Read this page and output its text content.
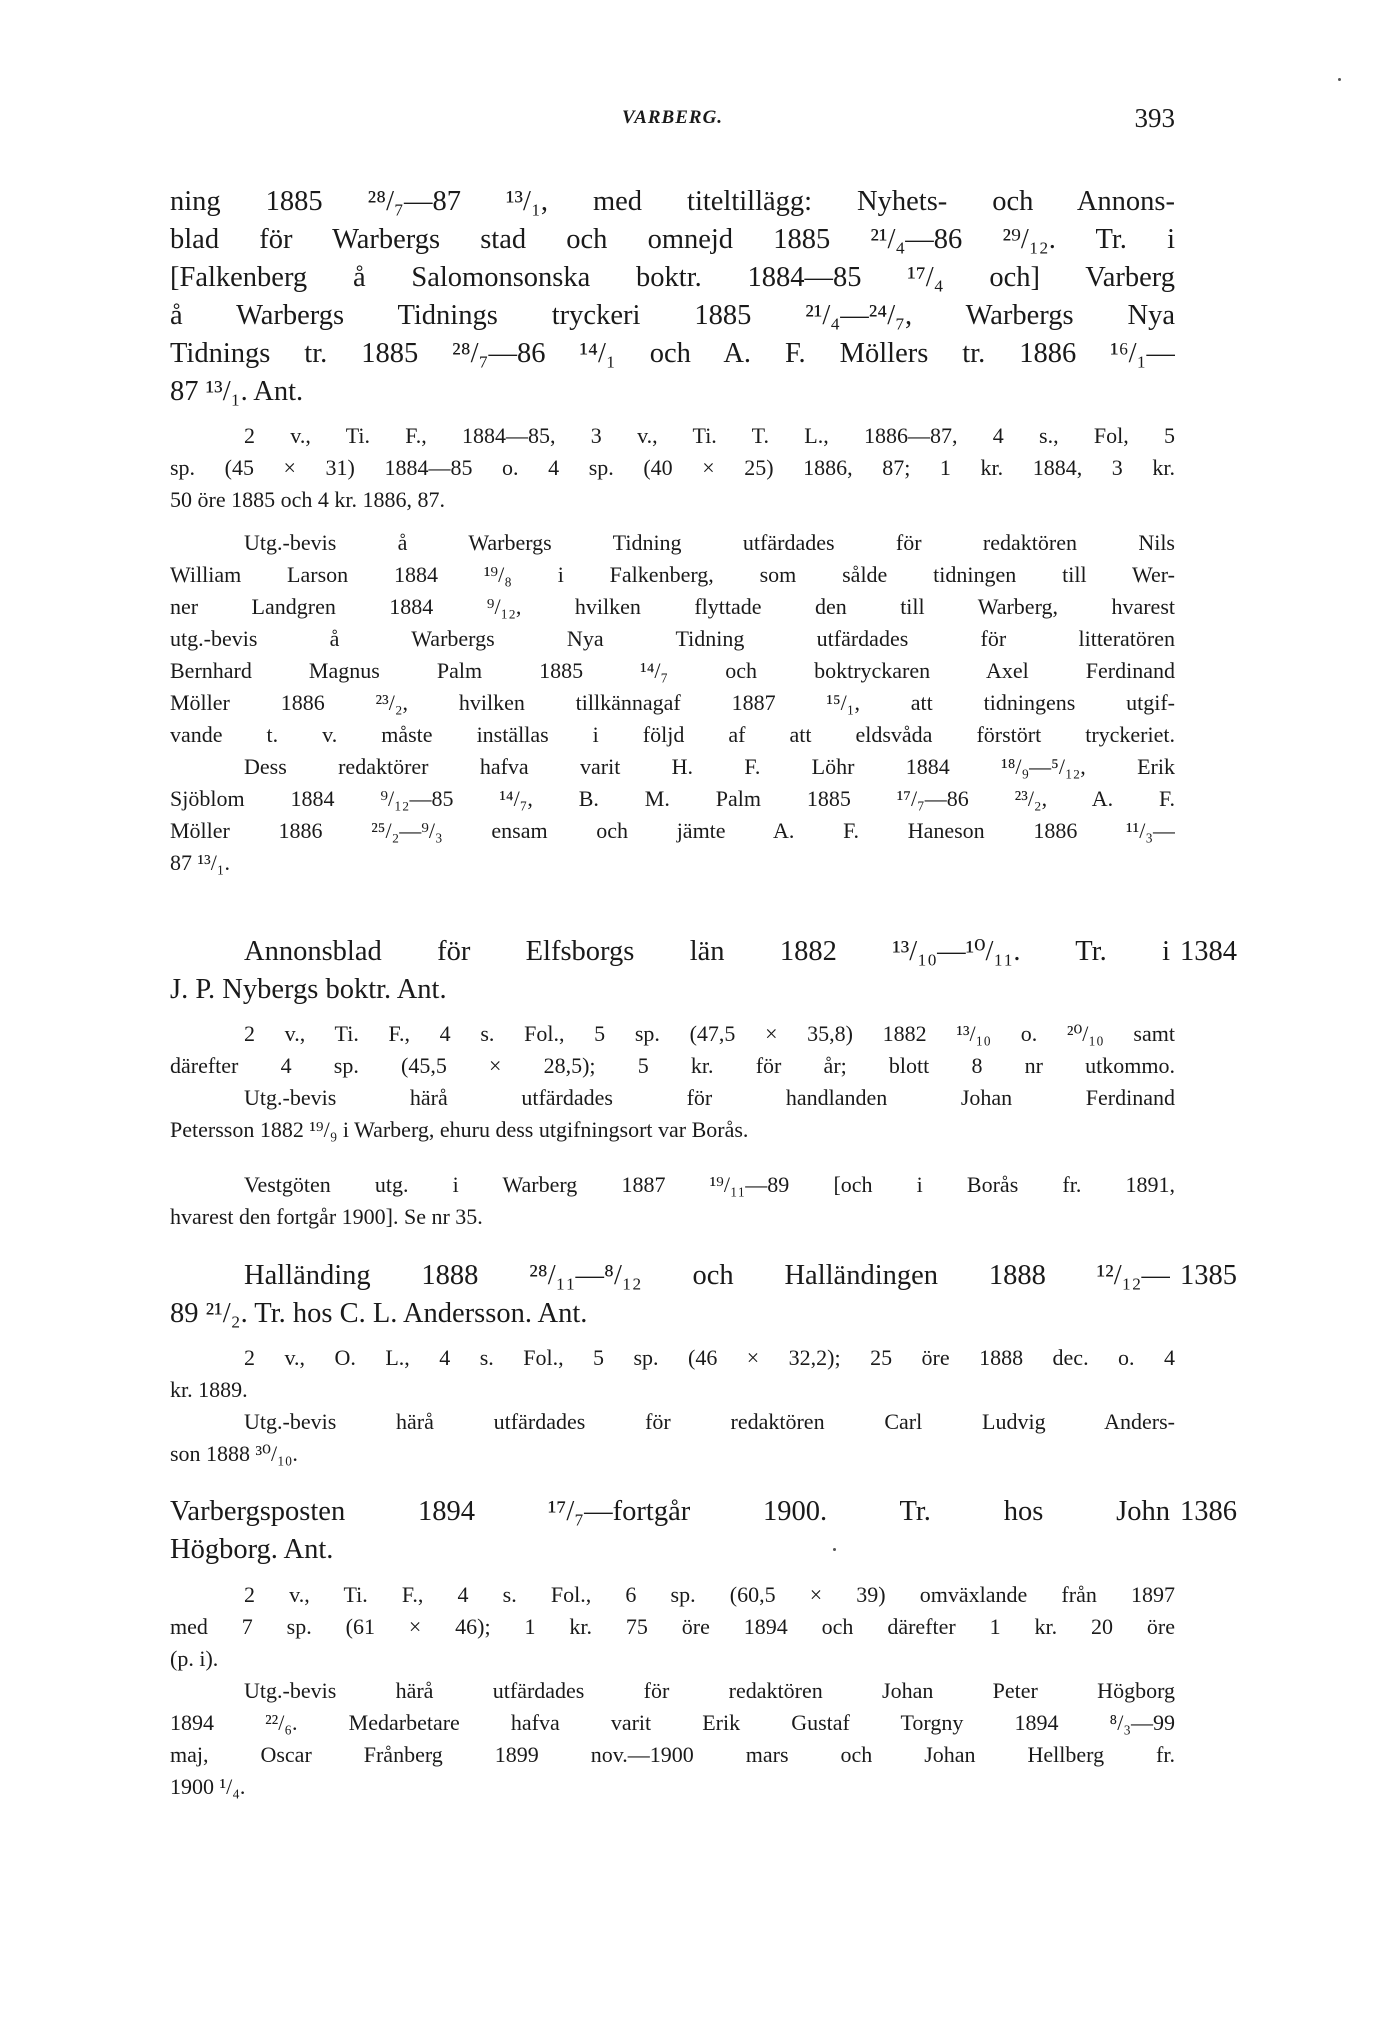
VARBERG.	393
ning 1885 ²⁸/₇—87 ¹³/₁, med titeltillägg: Nyhets- och Annons-
blad för Warbergs stad och omnejd 1885 ²¹/₄—86 ²⁹/₁₂. Tr. i
[Falkenberg å Salomonsonska boktr. 1884—85 ¹⁷/₄ och] Varberg
å Warbergs Tidnings tryckeri 1885 ²¹/₄—²⁴/₇, Warbergs Nya
Tidnings tr. 1885 ²⁸/₇—86 ¹⁴/₁ och A. F. Möllers tr. 1886 ¹⁶/₁—
87 ¹³/₁. Ant.
2 v., Ti. F., 1884—85, 3 v., Ti. T. L., 1886—87, 4 s., Fol, 5
sp. (45 × 31) 1884—85 o. 4 sp. (40 × 25) 1886, 87; 1 kr. 1884, 3 kr.
50 öre 1885 och 4 kr. 1886, 87.
Utg.-bevis å Warbergs Tidning utfärdades för redaktören Nils
William Larson 1884 ¹⁹/₈ i Falkenberg, som sålde tidningen till Wer-
ner Landgren 1884 ⁹/₁₂, hvilken flyttade den till Warberg, hvarest
utg.-bevis å Warbergs Nya Tidning utfärdades för litteratören
Bernhard Magnus Palm 1885 ¹⁴/₇ och boktryckaren Axel Ferdinand
Möller 1886 ²³/₂, hvilken tillkännagaf 1887 ¹⁵/₁, att tidningens utgif-
vande t. v. måste inställas i följd af att eldsvåda förstört tryckeriet.
Dess redaktörer hafva varit H. F. Löhr 1884 ¹⁸/₉—⁵/₁₂, Erik
Sjöblom 1884 ⁹/₁₂—85 ¹⁴/₇, B. M. Palm 1885 ¹⁷/₇—86 ²³/₂, A. F.
Möller 1886 ²⁵/₂—⁹/₃ ensam och jämte A. F. Haneson 1886 ¹¹/₃—
87 ¹³/₁.
Annonsblad för Elfsborgs län 1882 ¹³/₁₀—¹⁰/₁₁. Tr. i 1384
J. P. Nybergs boktr. Ant.
2 v., Ti. F., 4 s. Fol., 5 sp. (47,5 × 35,8) 1882 ¹³/₁₀ o. ²⁰/₁₀ samt
därefter 4 sp. (45,5 × 28,5); 5 kr. för år; blott 8 nr utkommo.
Utg.-bevis härå utfärdades för handlanden Johan Ferdinand
Petersson 1882 ¹⁹/₉ i Warberg, ehuru dess utgifningsort var Borås.
Vestgöten utg. i Warberg 1887 ¹⁹/₁₁—89 [och i Borås fr. 1891,
hvarest den fortgår 1900]. Se nr 35.
Halländing 1888 ²⁸/₁₁—⁸/₁₂ och Halländingen 1888 ¹²/₁₂— 1385
89 ²¹/₂. Tr. hos C. L. Andersson. Ant.
2 v., O. L., 4 s. Fol., 5 sp. (46 × 32,2); 25 öre 1888 dec. o. 4
kr. 1889.
Utg.-bevis härå utfärdades för redaktören Carl Ludvig Anders-
son 1888 ³⁰/₁₀.
Varbergsposten 1894 ¹⁷/₇—fortgår 1900. Tr. hos John 1386
Högborg. Ant.
2 v., Ti. F., 4 s. Fol., 6 sp. (60,5 × 39) omväxlande från 1897
med 7 sp. (61 × 46); 1 kr. 75 öre 1894 och därefter 1 kr. 20 öre
(p. i).
Utg.-bevis härå utfärdades för redaktören Johan Peter Högborg
1894 ²²/₆. Medarbetare hafva varit Erik Gustaf Torgny 1894 ⁸/₃—99
maj, Oscar Frånberg 1899 nov.—1900 mars och Johan Hellberg fr.
1900 ¹/₄.
